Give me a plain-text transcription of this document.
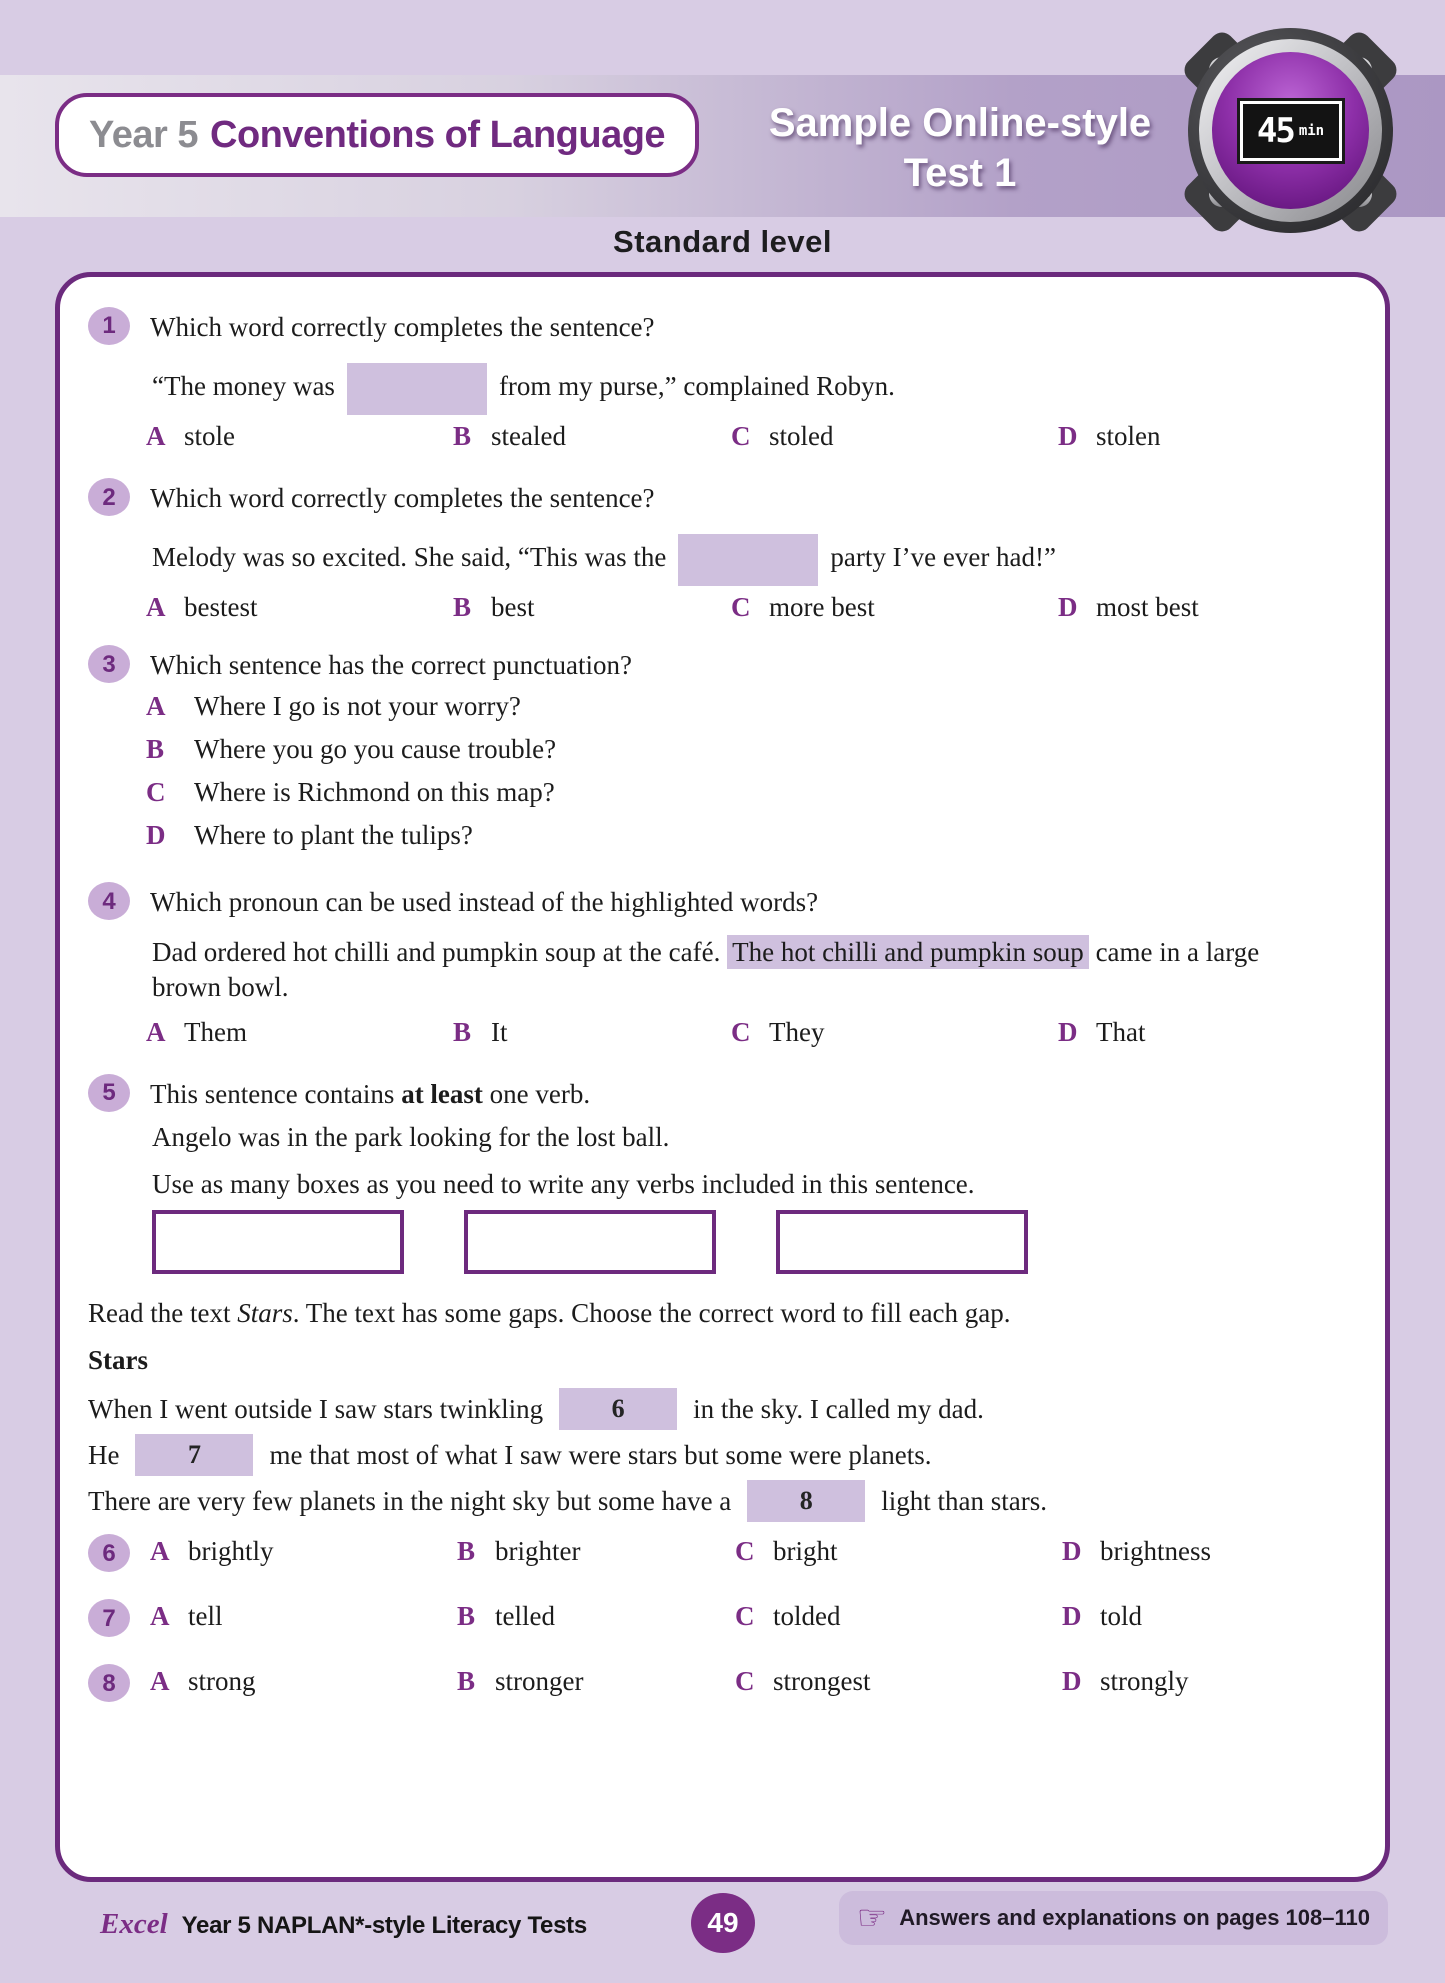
Year 5 Conventions of Language	Sample Online-style
Test 1
45 min
Standard level
1	Which word correctly completes the sentence?
“The money was	from my purse,” complained Robyn.
A stole	B stealed	C stoled	D stolen
2	Which word correctly completes the sentence?
Melody was so excited. She said, “This was the	party I’ve ever had!”
A bestest	B best	C more best	D most best
3	Which sentence has the correct punctuation?
A Where I go is not your worry?
B Where you go you cause trouble?
C Where is Richmond on this map?
D Where to plant the tulips?
4	Which pronoun can be used instead of the highlighted words?
Dad ordered hot chilli and pumpkin soup at the café. The hot chilli and pumpkin soup came in a large brown bowl.
A Them	B It	C They	D That
5	This sentence contains at least one verb.
Angelo was in the park looking for the lost ball.
Use as many boxes as you need to write any verbs included in this sentence.
Read the text Stars. The text has some gaps. Choose the correct word to fill each gap.
Stars
When I went outside I saw stars twinkling	6	in the sky. I called my dad.
He	7	me that most of what I saw were stars but some were planets.
There are very few planets in the night sky but some have a	8	light than stars.
6	A brightly	B brighter	C bright	D brightness
7	A tell	B telled	C tolded	D told
8	A strong	B stronger	C strongest	D strongly
Excel Year 5 NAPLAN*-style Literacy Tests	49	☞ Answers and explanations on pages 108–110
